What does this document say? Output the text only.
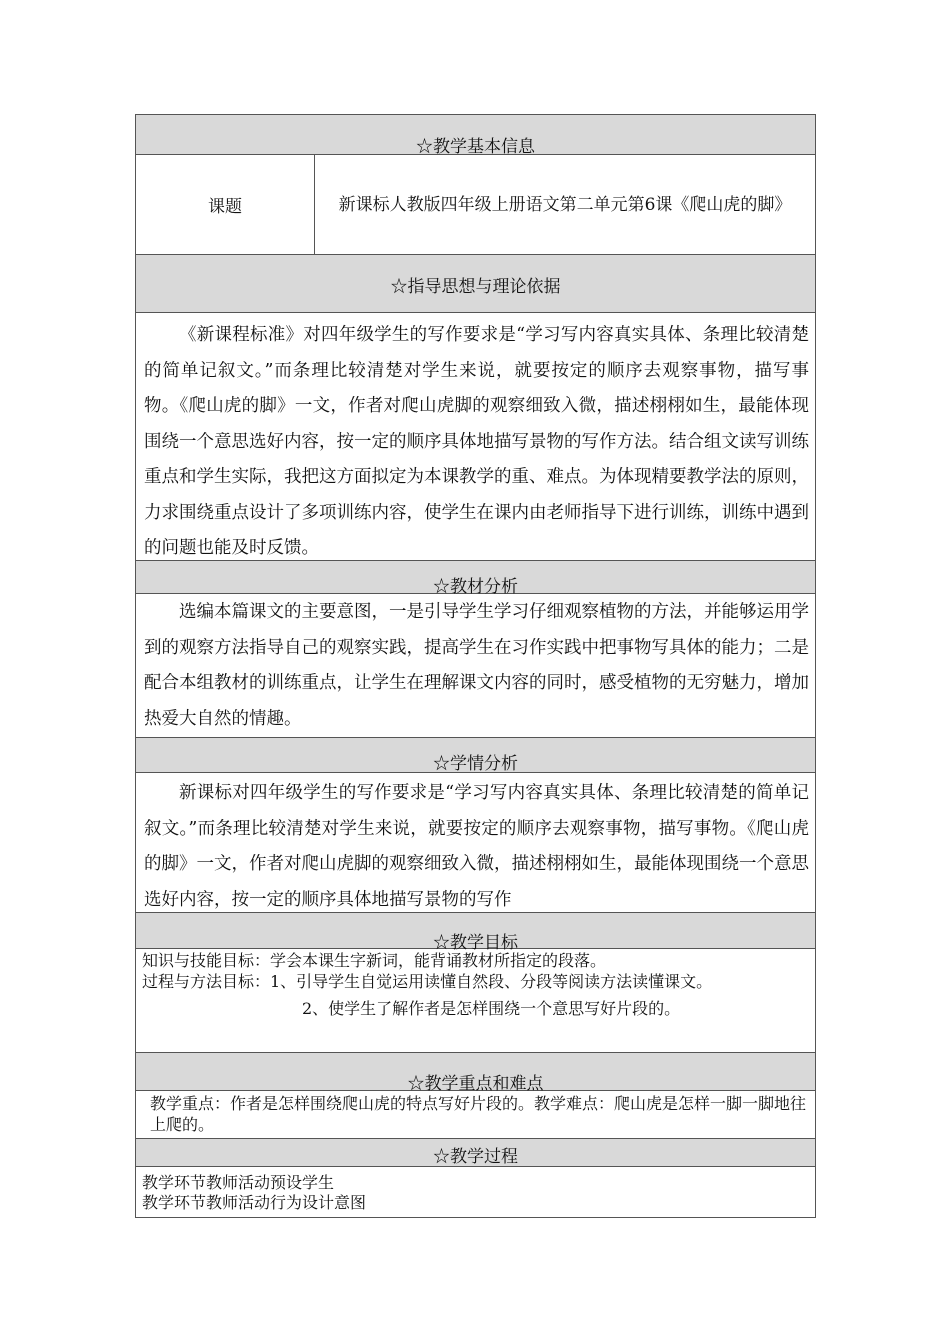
☆教学基本信息
课题	新课标人教版四年级上册语文第二单元第6课《爬山虎的脚》
☆指导思想与理论依据
《新课程标准》对四年级学生的写作要求是“学习写内容真实具体、条理比较清楚的简单记叙文。”而条理比较清楚对学生来说，就要按定的顺序去观察事物，描写事物。《爬山虎的脚》一文，作者对爬山虎脚的观察细致入微，描述栩栩如生，最能体现围绕一个意思选好内容，按一定的顺序具体地描写景物的写作方法。结合组文读写训练重点和学生实际，我把这方面拟定为本课教学的重、难点。为体现精要教学法的原则，力求围绕重点设计了多项训练内容，使学生在课内由老师指导下进行训练，训练中遇到的问题也能及时反馈。
☆教材分析
选编本篇课文的主要意图，一是引导学生学习仔细观察植物的方法，并能够运用学到的观察方法指导自己的观察实践，提高学生在习作实践中把事物写具体的能力；二是配合本组教材的训练重点，让学生在理解课文内容的同时，感受植物的无穷魅力，增加热爱大自然的情趣。
☆学情分析
新课标对四年级学生的写作要求是“学习写内容真实具体、条理比较清楚的简单记叙文。”而条理比较清楚对学生来说，就要按定的顺序去观察事物，描写事物。《爬山虎的脚》一文，作者对爬山虎脚的观察细致入微，描述栩栩如生，最能体现围绕一个意思选好内容，按一定的顺序具体地描写景物的写作
☆教学目标
知识与技能目标：学会本课生字新词，能背诵教材所指定的段落。
过程与方法目标：1、引导学生自觉运用读懂自然段、分段等阅读方法读懂课文。
2、使学生了解作者是怎样围绕一个意思写好片段的。
☆教学重点和难点
教学重点：作者是怎样围绕爬山虎的特点写好片段的。教学难点：爬山虎是怎样一脚一脚地往上爬的。
☆教学过程
教学环节教师活动预设学生
教学环节教师活动行为设计意图
